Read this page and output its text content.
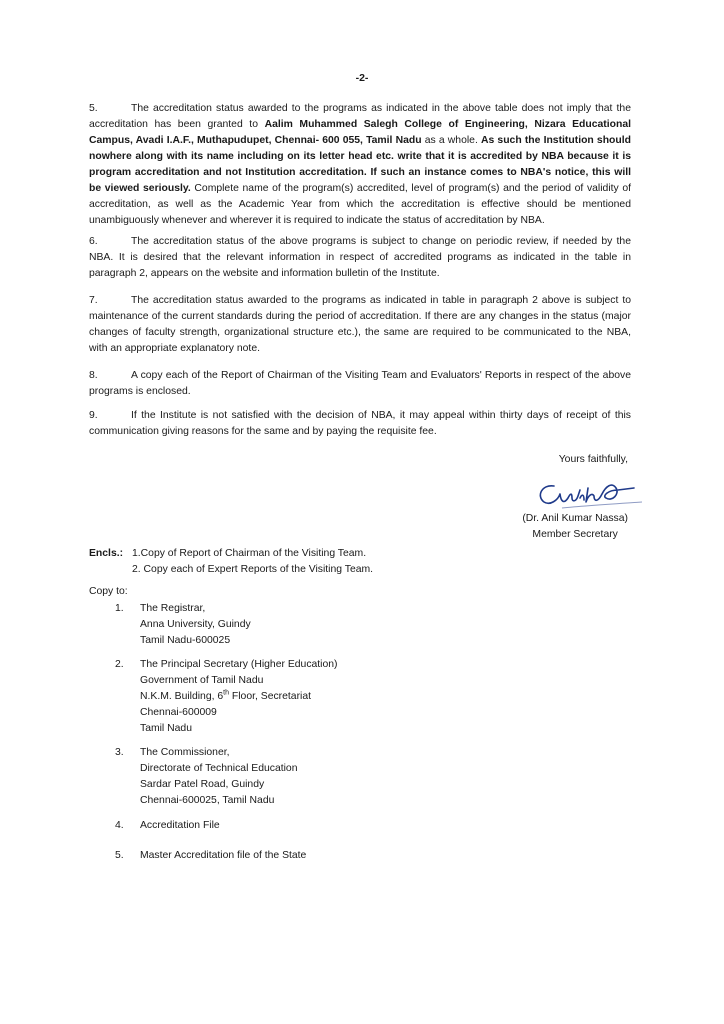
-2-

5.	The accreditation status awarded to the programs as indicated in the above table does not imply that the accreditation has been granted to Aalim Muhammed Salegh College of Engineering, Nizara Educational Campus, Avadi I.A.F., Muthapudupet, Chennai- 600 055, Tamil Nadu as a whole. As such the Institution should nowhere along with its name including on its letter head etc. write that it is accredited by NBA because it is program accreditation and not Institution accreditation. If such an instance comes to NBA's notice, this will be viewed seriously. Complete name of the program(s) accredited, level of program(s) and the period of validity of accreditation, as well as the Academic Year from which the accreditation is effective should be mentioned unambiguously whenever and wherever it is required to indicate the status of accreditation by NBA.

6.	The accreditation status of the above programs is subject to change on periodic review, if needed by the NBA. It is desired that the relevant information in respect of accredited programs as indicated in the table in paragraph 2, appears on the website and information bulletin of the Institute.

7.	The accreditation status awarded to the programs as indicated in table in paragraph 2 above is subject to maintenance of the current standards during the period of accreditation. If there are any changes in the status (major changes of faculty strength, organizational structure etc.), the same are required to be communicated to the NBA, with an appropriate explanatory note.

8.	A copy each of the Report of Chairman of the Visiting Team and Evaluators' Reports in respect of the above programs is enclosed.

9.	If the Institute is not satisfied with the decision of NBA, it may appeal within thirty days of receipt of this communication giving reasons for the same and by paying the requisite fee.

Yours faithfully,
(Dr. Anil Kumar Nassa)
Member Secretary
Encls.: 1.Copy of Report of Chairman of the Visiting Team.
2. Copy each of Expert Reports of the Visiting Team.
Copy to:
1.	The Registrar,
Anna University, Guindy
Tamil Nadu-600025
2.	The Principal Secretary (Higher Education)
Government of Tamil Nadu
N.K.M. Building, 6th Floor, Secretariat
Chennai-600009
Tamil Nadu
3.	The Commissioner,
Directorate of Technical Education
Sardar Patel Road, Guindy
Chennai-600025, Tamil Nadu
4.	Accreditation File
5.	Master Accreditation file of the State
